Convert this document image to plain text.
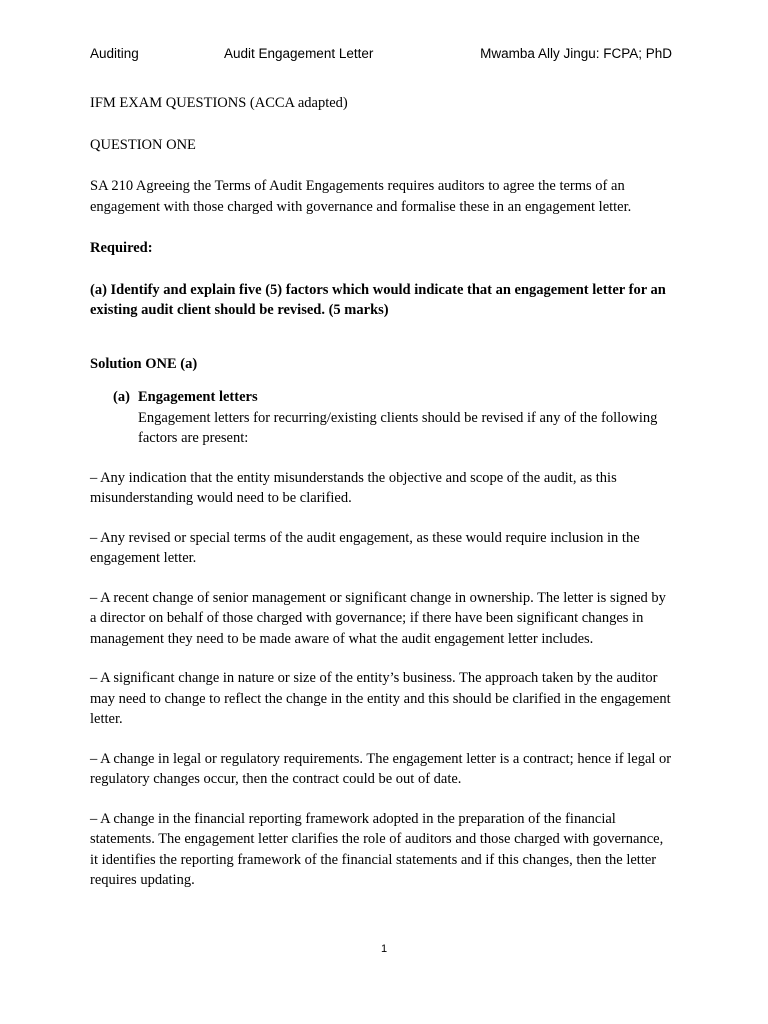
Auditing	Audit Engagement Letter	Mwamba Ally Jingu: FCPA; PhD

IFM EXAM QUESTIONS (ACCA adapted)

QUESTION ONE

SA 210 Agreeing the Terms of Audit Engagements requires auditors to agree the terms of an engagement with those charged with governance and formalise these in an engagement letter.

Required:

(a) Identify and explain five (5) factors which would indicate that an engagement letter for an existing audit client should be revised. (5 marks)

Solution ONE (a)

(a) Engagement letters

Engagement letters for recurring/existing clients should be revised if any of the following factors are present:

– Any indication that the entity misunderstands the objective and scope of the audit, as this misunderstanding would need to be clarified.

– Any revised or special terms of the audit engagement, as these would require inclusion in the engagement letter.

– A recent change of senior management or significant change in ownership. The letter is signed by a director on behalf of those charged with governance; if there have been significant changes in management they need to be made aware of what the audit engagement letter includes.

– A significant change in nature or size of the entity’s business. The approach taken by the auditor may need to change to reflect the change in the entity and this should be clarified in the engagement letter.

– A change in legal or regulatory requirements. The engagement letter is a contract; hence if legal or regulatory changes occur, then the contract could be out of date.

– A change in the financial reporting framework adopted in the preparation of the financial statements. The engagement letter clarifies the role of auditors and those charged with governance, it identifies the reporting framework of the financial statements and if this changes, then the letter requires updating.

1
